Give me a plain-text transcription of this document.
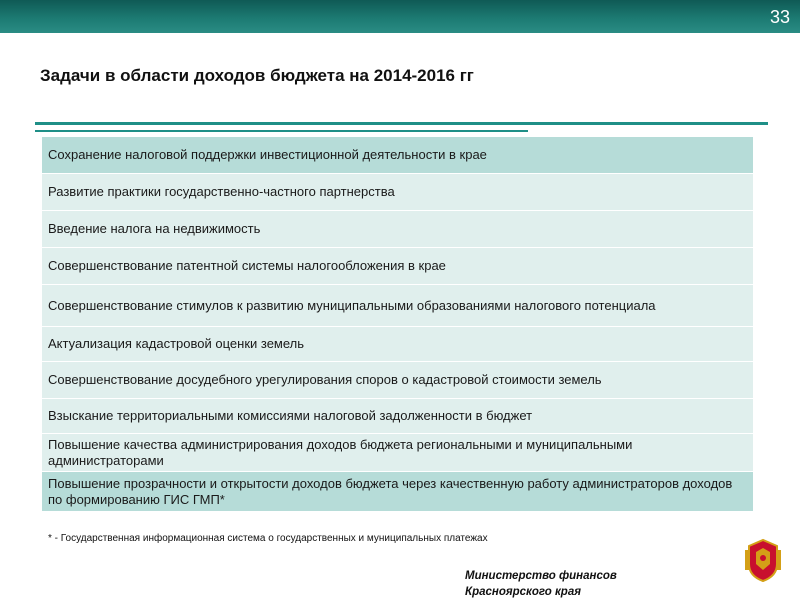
33
Задачи в области доходов бюджета на 2014-2016 гг
Сохранение налоговой поддержки инвестиционной деятельности в крае
Развитие практики государственно-частного партнерства
Введение налога на недвижимость
Совершенствование патентной системы налогообложения в крае
Совершенствование стимулов к развитию муниципальными образованиями налогового потенциала
Актуализация кадастровой оценки земель
Совершенствование досудебного урегулирования споров о кадастровой стоимости земель
Взыскание территориальными комиссиями налоговой задолженности в бюджет
Повышение качества администрирования доходов бюджета региональными и муниципальными администраторами
Повышение прозрачности и открытости доходов бюджета через качественную работу администраторов доходов по формированию ГИС ГМП*
* - Государственная информационная система о государственных и муниципальных платежах
Министерство финансов
Красноярского края
